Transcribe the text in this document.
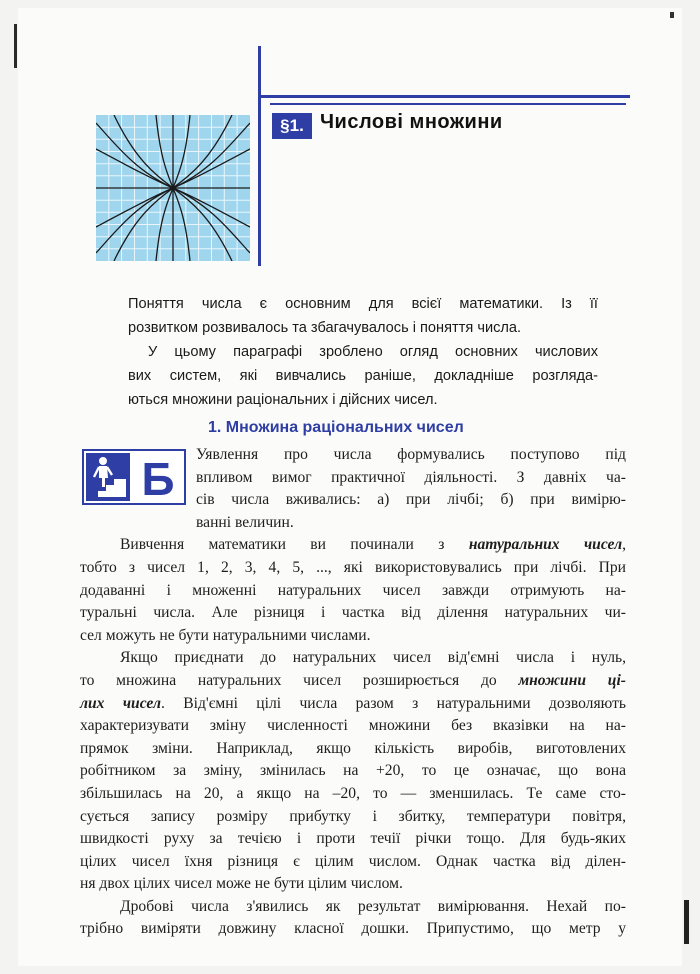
§1. Числові множини
Поняття числа є основним для всієї математики. Із її
розвитком розвивалось та збагачувалось і поняття числа.
У цьому параграфі зроблено огляд основних числових
вих систем, які вивчались раніше, докладніше розгляда-
ються множини раціональних і дійсних чисел.
1. Множина раціональних чисел
Б	Уявлення про числа формувались поступово під
впливом вимог практичної діяльності. З давніх ча-
сів числа вживались: а) при лічбі; б) при вимірю-
ванні величин.
Вивчення математики ви починали з натуральних чисел,
тобто з чисел 1, 2, 3, 4, 5, ..., які використовувались при лічбі. При
додаванні і множенні натуральних чисел завжди отримують на-
туральні числа. Але різниця і частка від ділення натуральних чи-
сел можуть не бути натуральними числами.
Якщо приєднати до натуральних чисел від'ємні числа і нуль,
то множина натуральних чисел розширюється до множини ці-
лих чисел. Від'ємні цілі числа разом з натуральними дозволяють
характеризувати зміну численності множини без вказівки на на-
прямок зміни. Наприклад, якщо кількість виробів, виготовлених
робітником за зміну, змінилась на +20, то це означає, що вона
збільшилась на 20, а якщо на –20, то — зменшилась. Те саме сто-
сується запису розміру прибутку і збитку, температури повітря,
швидкості руху за течією і проти течії річки тощо. Для будь-яких
цілих чисел їхня різниця є цілим числом. Однак частка від ділен-
ня двох цілих чисел може не бути цілим числом.
Дробові числа з'явились як результат вимірювання. Нехай по-
трібно виміряти довжину класної дошки. Припустимо, що метр у
